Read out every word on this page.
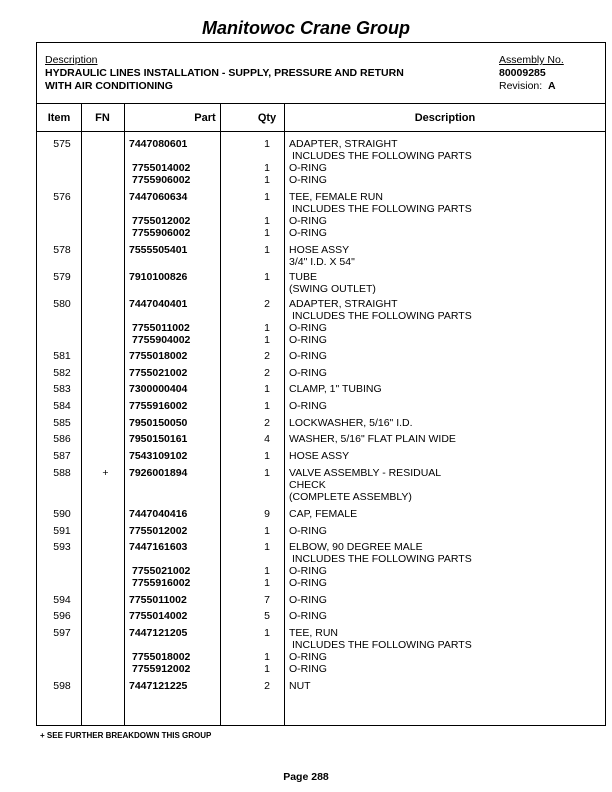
Manitowoc Crane Group
Description
HYDRAULIC LINES INSTALLATION - SUPPLY, PRESSURE AND RETURN
WITH AIR CONDITIONING
Assembly No.
80009285
Revision: A
Item	FN	Part	Qty	Description
575	7447080601	1	ADAPTER, STRAIGHT
INCLUDES THE FOLLOWING PARTS
7755014002	1	O-RING
7755906002	1	O-RING
576	7447060634	1	TEE, FEMALE RUN
INCLUDES THE FOLLOWING PARTS
7755012002	1	O-RING
7755906002	1	O-RING
578	7555505401	1	HOSE ASSY
3/4" I.D. X 54"
579	7910100826	1	TUBE
(SWING OUTLET)
580	7447040401	2	ADAPTER, STRAIGHT
INCLUDES THE FOLLOWING PARTS
7755011002	1	O-RING
7755904002	1	O-RING
581	7755018002	2	O-RING
582	7755021002	2	O-RING
583	7300000404	1	CLAMP, 1" TUBING
584	7755916002	1	O-RING
585	7950150050	2	LOCKWASHER, 5/16" I.D.
586	7950150161	4	WASHER, 5/16" FLAT PLAIN WIDE
587	7543109102	1	HOSE ASSY
588	+	7926001894	1	VALVE ASSEMBLY - RESIDUAL
CHECK
(COMPLETE ASSEMBLY)
590	7447040416	9	CAP, FEMALE
591	7755012002	1	O-RING
593	7447161603	1	ELBOW, 90 DEGREE MALE
INCLUDES THE FOLLOWING PARTS
7755021002	1	O-RING
7755916002	1	O-RING
594	7755011002	7	O-RING
596	7755014002	5	O-RING
597	7447121205	1	TEE, RUN
INCLUDES THE FOLLOWING PARTS
7755018002	1	O-RING
7755912002	1	O-RING
598	7447121225	2	NUT
+ SEE FURTHER BREAKDOWN THIS GROUP
Page 288
